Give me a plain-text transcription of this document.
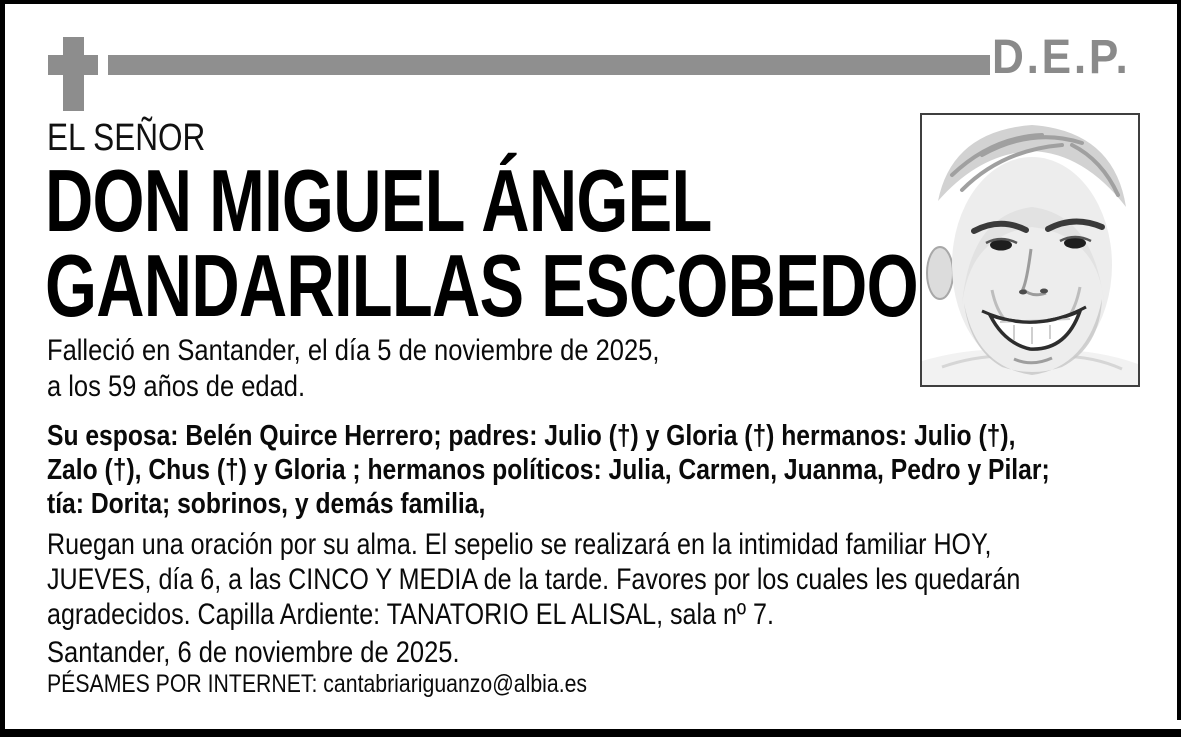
D.E.P.
EL SEÑOR
DON MIGUEL ÁNGEL
GANDARILLAS ESCOBEDO
Falleció en Santander, el día 5 de noviembre de 2025,
a los 59 años de edad.
Su esposa: Belén Quirce Herrero; padres: Julio (†) y Gloria (†) hermanos: Julio (†),
Zalo (†), Chus (†) y Gloria ; hermanos políticos: Julia, Carmen, Juanma, Pedro y Pilar;
tía: Dorita; sobrinos, y demás familia,
Ruegan una oración por su alma. El sepelio se realizará en la intimidad familiar HOY,
JUEVES, día 6, a las CINCO Y MEDIA de la tarde. Favores por los cuales les quedarán
agradecidos. Capilla Ardiente: TANATORIO EL ALISAL, sala nº 7.
Santander, 6 de noviembre de 2025.
PÉSAMES POR INTERNET: cantabriariguanzo@albia.es
